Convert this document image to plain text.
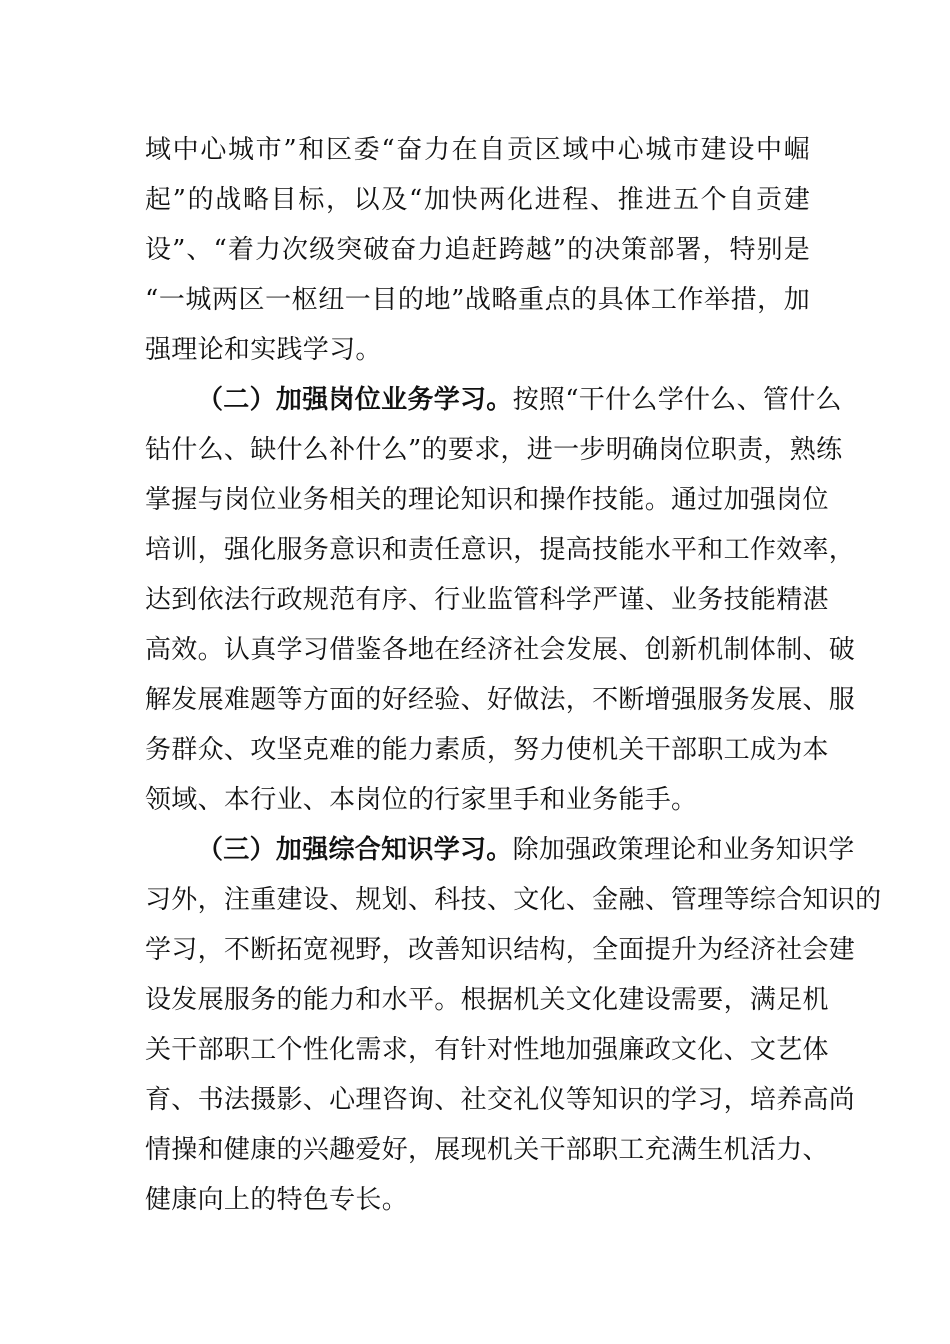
域中心城市”和区委“奋力在自贡区域中心城市建设中崛
起”的战略目标，以及“加快两化进程、推进五个自贡建
设”、“着力次级突破奋力追赶跨越”的决策部署，特别是
“一城两区一枢纽一目的地”战略重点的具体工作举措，加
强理论和实践学习。
（二）加强岗位业务学习。按照“干什么学什么、管什么
钻什么、缺什么补什么”的要求，进一步明确岗位职责，熟练
掌握与岗位业务相关的理论知识和操作技能。通过加强岗位
培训，强化服务意识和责任意识，提高技能水平和工作效率，
达到依法行政规范有序、行业监管科学严谨、业务技能精湛
高效。认真学习借鉴各地在经济社会发展、创新机制体制、破
解发展难题等方面的好经验、好做法，不断增强服务发展、服
务群众、攻坚克难的能力素质，努力使机关干部职工成为本
领域、本行业、本岗位的行家里手和业务能手。
（三）加强综合知识学习。除加强政策理论和业务知识学
习外，注重建设、规划、科技、文化、金融、管理等综合知识的
学习，不断拓宽视野，改善知识结构，全面提升为经济社会建
设发展服务的能力和水平。根据机关文化建设需要，满足机
关干部职工个性化需求，有针对性地加强廉政文化、文艺体
育、书法摄影、心理咨询、社交礼仪等知识的学习，培养高尚
情操和健康的兴趣爱好，展现机关干部职工充满生机活力、
健康向上的特色专长。
